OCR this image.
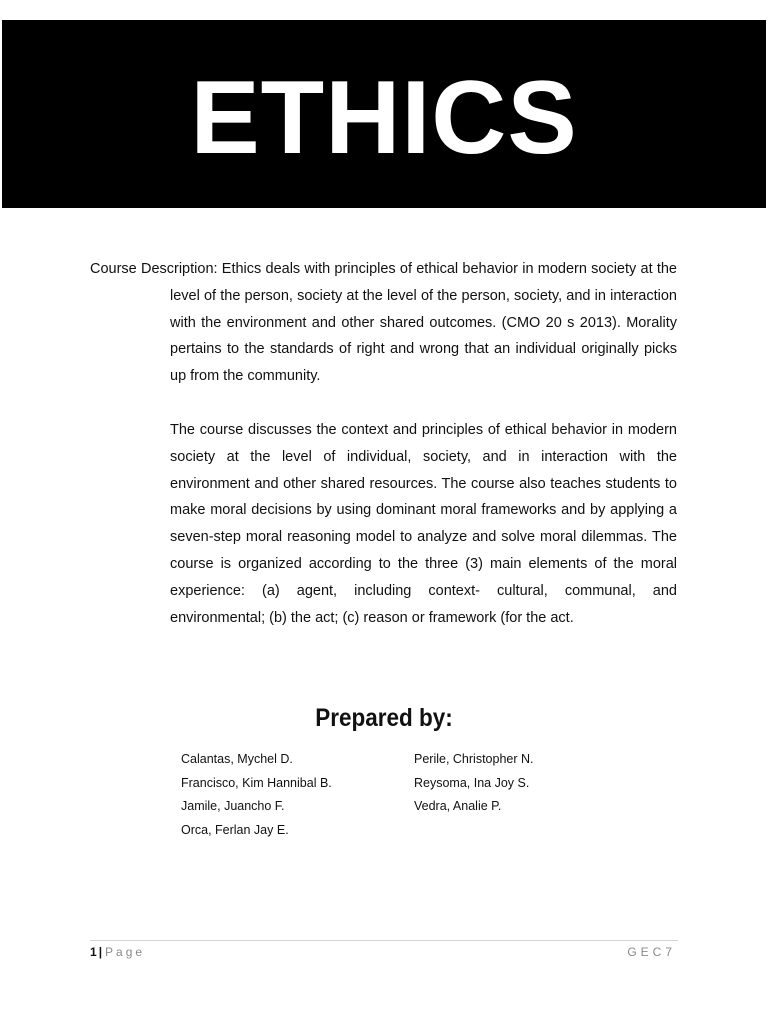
ETHICS

Course Description: Ethics deals with principles of ethical behavior in modern society at the level of the person, society at the level of the person, society, and in interaction with the environment and other shared outcomes. (CMO 20 s 2013). Morality pertains to the standards of right and wrong that an individual originally picks up from the community.

The course discusses the context and principles of ethical behavior in modern society at the level of individual, society, and in interaction with the environment and other shared resources. The course also teaches students to make moral decisions by using dominant moral frameworks and by applying a seven-step moral reasoning model to analyze and solve moral dilemmas. The course is organized according to the three (3) main elements of the moral experience: (a) agent, including context- cultural, communal, and environmental; (b) the act; (c) reason or framework (for the act.

Prepared by:
Calantas, Mychel D.
Francisco, Kim Hannibal B.
Jamile, Juancho F.
Orca, Ferlan Jay E.
Perile, Christopher N.
Reysoma, Ina Joy S.
Vedra, Analie P.
1 | Page	GEC7
